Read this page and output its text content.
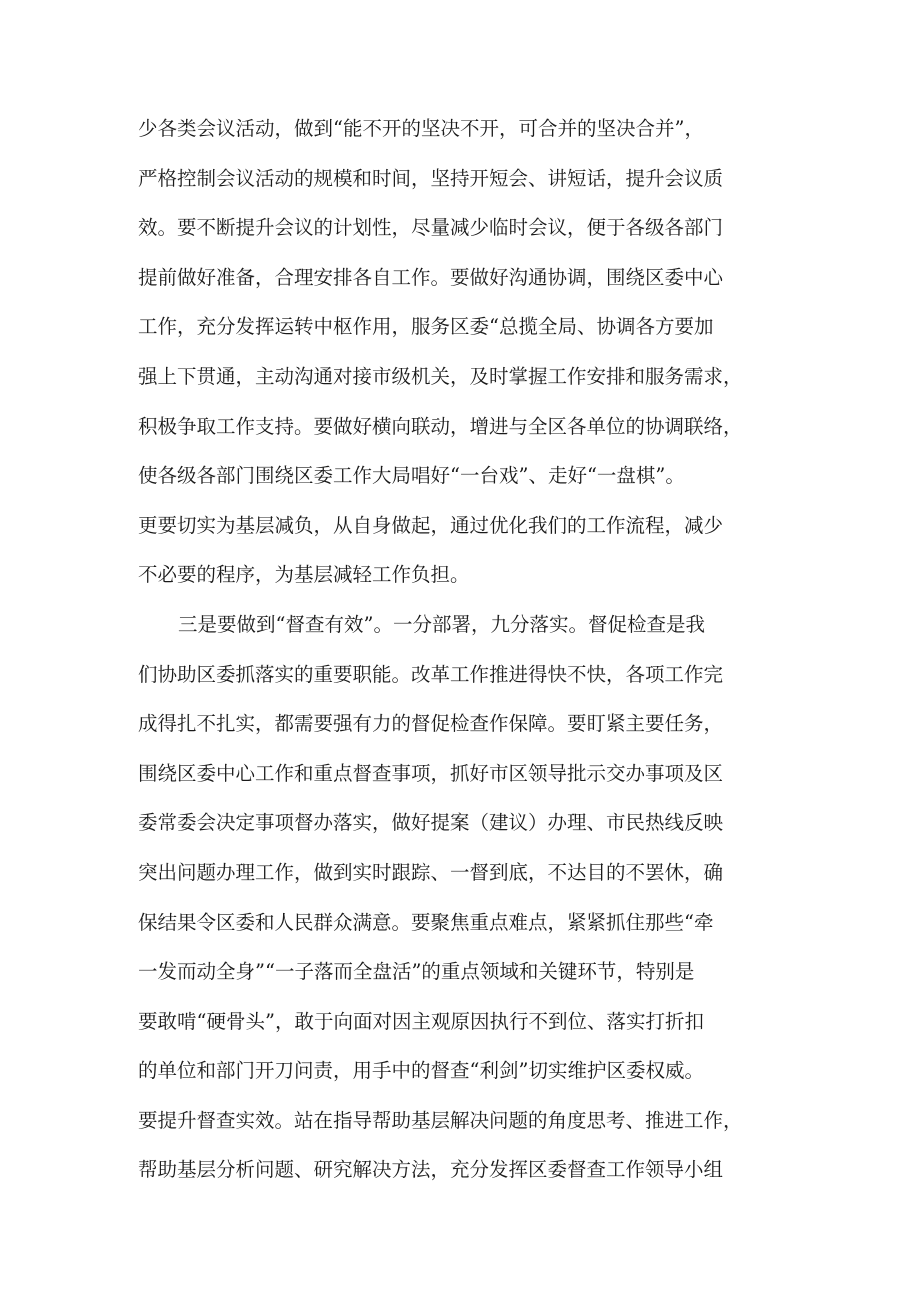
少各类会议活动，做到“能不开的坚决不开，可合并的坚决合并”，
严格控制会议活动的规模和时间，坚持开短会、讲短话，提升会议质
效。要不断提升会议的计划性，尽量减少临时会议，便于各级各部门
提前做好准备，合理安排各自工作。要做好沟通协调，围绕区委中心
工作，充分发挥运转中枢作用，服务区委“总揽全局、协调各方要加
强上下贯通，主动沟通对接市级机关，及时掌握工作安排和服务需求，
积极争取工作支持。要做好横向联动，增进与全区各单位的协调联络，
使各级各部门围绕区委工作大局唱好“一台戏”、走好“一盘棋”。
更要切实为基层减负，从自身做起，通过优化我们的工作流程，减少
不必要的程序，为基层减轻工作负担。
三是要做到“督查有效”。一分部署，九分落实。督促检查是我
们协助区委抓落实的重要职能。改革工作推进得快不快，各项工作完
成得扎不扎实，都需要强有力的督促检查作保障。要盯紧主要任务，
围绕区委中心工作和重点督查事项，抓好市区领导批示交办事项及区
委常委会决定事项督办落实，做好提案（建议）办理、市民热线反映
突出问题办理工作，做到实时跟踪、一督到底，不达目的不罢休，确
保结果令区委和人民群众满意。要聚焦重点难点，紧紧抓住那些“牵
一发而动全身”“一子落而全盘活”的重点领域和关键环节，特别是
要敢啃“硬骨头”，敢于向面对因主观原因执行不到位、落实打折扣
的单位和部门开刀问责，用手中的督查“利剑”切实维护区委权威。
要提升督查实效。站在指导帮助基层解决问题的角度思考、推进工作，
帮助基层分析问题、研究解决方法，充分发挥区委督查工作领导小组
